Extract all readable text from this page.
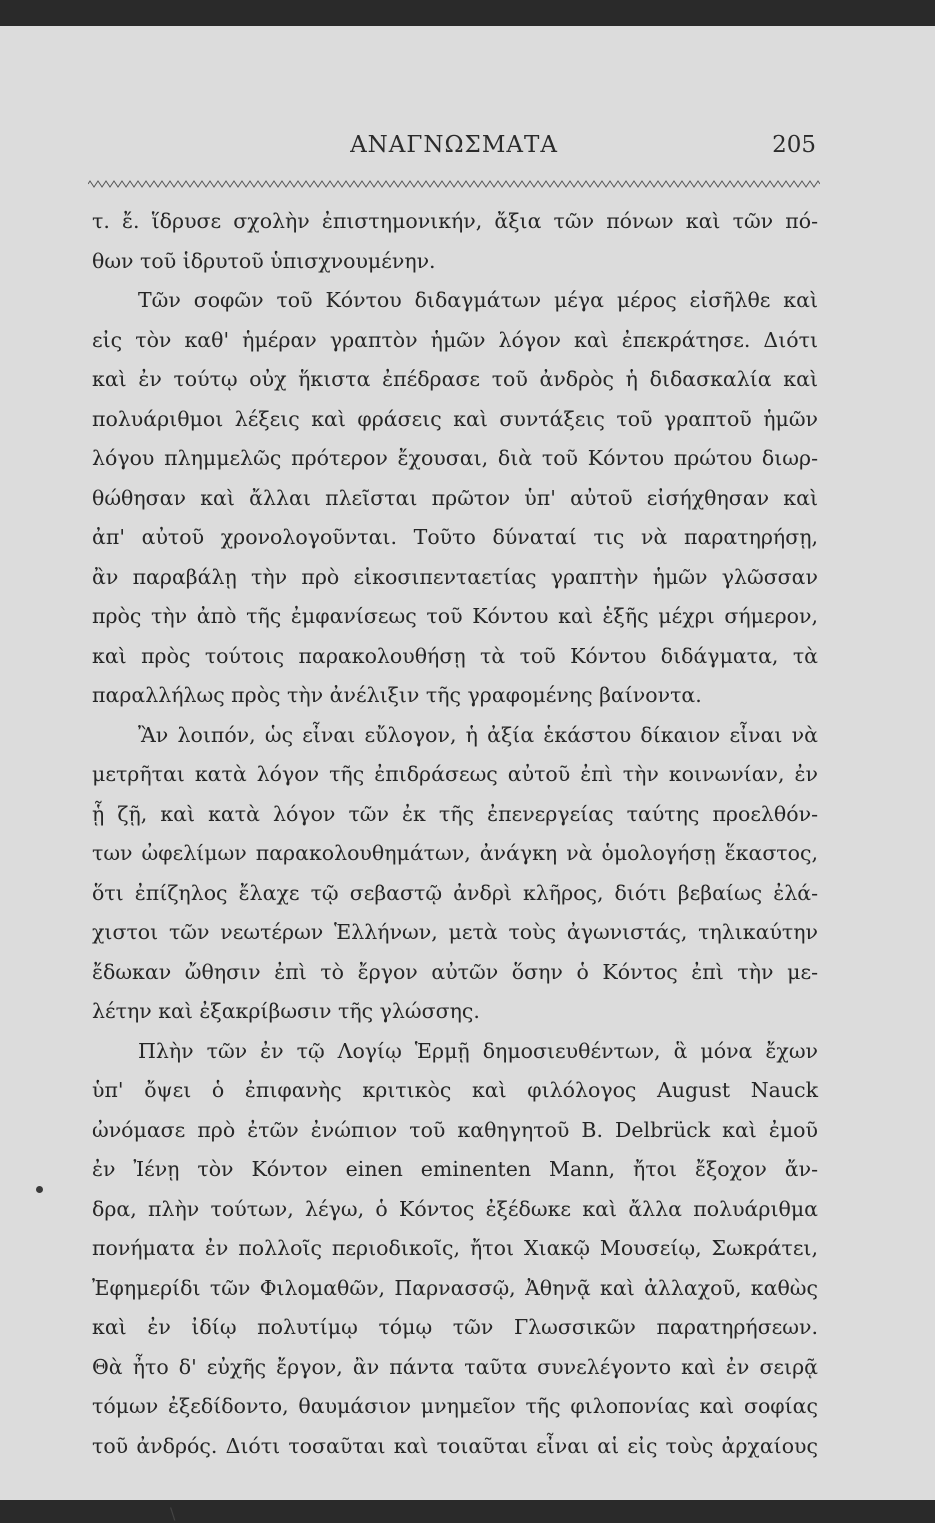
ΑΝΑΓΝΩΣΜΑΤΑ	205
τ. ἔ. ἵδρυσε σχολὴν ἐπιστημονικήν, ἄξια τῶν πόνων καὶ τῶν πό-
θων τοῦ ἱδρυτοῦ ὑπισχνουμένην.
Τῶν σοφῶν τοῦ Κόντου διδαγμάτων μέγα μέρος εἰσῆλθε καὶ
εἰς τὸν καθ' ἡμέραν γραπτὸν ἡμῶν λόγον καὶ ἐπεκράτησε. Διότι
καὶ ἐν τούτῳ οὐχ ἥκιστα ἐπέδρασε τοῦ ἀνδρὸς ἡ διδασκαλία καὶ
πολυάριθμοι λέξεις καὶ φράσεις καὶ συντάξεις τοῦ γραπτοῦ ἡμῶν
λόγου πλημμελῶς πρότερον ἔχουσαι, διὰ τοῦ Κόντου πρώτου διωρ-
θώθησαν καὶ ἄλλαι πλεῖσται πρῶτον ὑπ' αὐτοῦ εἰσήχθησαν καὶ
ἀπ' αὐτοῦ χρονολογοῦνται. Τοῦτο δύναταί τις νὰ παρατηρήσῃ,
ἂν παραβάλῃ τὴν πρὸ εἰκοσιπενταετίας γραπτὴν ἡμῶν γλῶσσαν
πρὸς τὴν ἀπὸ τῆς ἐμφανίσεως τοῦ Κόντου καὶ ἑξῆς μέχρι σήμερον,
καὶ πρὸς τούτοις παρακολουθήσῃ τὰ τοῦ Κόντου διδάγματα, τὰ
παραλλήλως πρὸς τὴν ἀνέλιξιν τῆς γραφομένης βαίνοντα.
Ἂν λοιπόν, ὡς εἶναι εὔλογον, ἡ ἀξία ἑκάστου δίκαιον εἶναι νὰ
μετρῆται κατὰ λόγον τῆς ἐπιδράσεως αὐτοῦ ἐπὶ τὴν κοινωνίαν, ἐν
ᾗ ζῇ, καὶ κατὰ λόγον τῶν ἐκ τῆς ἐπενεργείας ταύτης προελθόν-
των ὠφελίμων παρακολουθημάτων, ἀνάγκη νὰ ὁμολογήσῃ ἕκαστος,
ὅτι ἐπίζηλος ἔλαχε τῷ σεβαστῷ ἀνδρὶ κλῆρος, διότι βεβαίως ἐλά-
χιστοι τῶν νεωτέρων Ἑλλήνων, μετὰ τοὺς ἀγωνιστάς, τηλικαύτην
ἔδωκαν ὤθησιν ἐπὶ τὸ ἔργον αὐτῶν ὅσην ὁ Κόντος ἐπὶ τὴν με-
λέτην καὶ ἐξακρίβωσιν τῆς γλώσσης.
Πλὴν τῶν ἐν τῷ Λογίῳ Ἑρμῇ δημοσιευθέντων, ἃ μόνα ἔχων
ὑπ' ὄψει ὁ ἐπιφανὴς κριτικὸς καὶ φιλόλογος August Nauck
ὠνόμασε πρὸ ἐτῶν ἐνώπιον τοῦ καθηγητοῦ B. Delbrück καὶ ἐμοῦ
ἐν Ἰένῃ τὸν Κόντον einen eminenten Mann, ἤτοι ἔξοχον ἄν-
δρα, πλὴν τούτων, λέγω, ὁ Κόντος ἐξέδωκε καὶ ἄλλα πολυάριθμα
πονήματα ἐν πολλοῖς περιοδικοῖς, ἤτοι Χιακῷ Μουσείῳ, Σωκράτει,
Ἐφημερίδι τῶν Φιλομαθῶν, Παρνασσῷ, Ἀθηνᾷ καὶ ἀλλαχοῦ, καθὼς
καὶ ἐν ἰδίῳ πολυτίμῳ τόμῳ τῶν Γλωσσικῶν παρατηρήσεων.
Θὰ ἦτο δ' εὐχῆς ἔργον, ἂν πάντα ταῦτα συνελέγοντο καὶ ἐν σειρᾷ
τόμων ἐξεδίδοντο, θαυμάσιον μνημεῖον τῆς φιλοπονίας καὶ σοφίας
τοῦ ἀνδρός. Διότι τοσαῦται καὶ τοιαῦται εἶναι αἱ εἰς τοὺς ἀρχαίους
\
